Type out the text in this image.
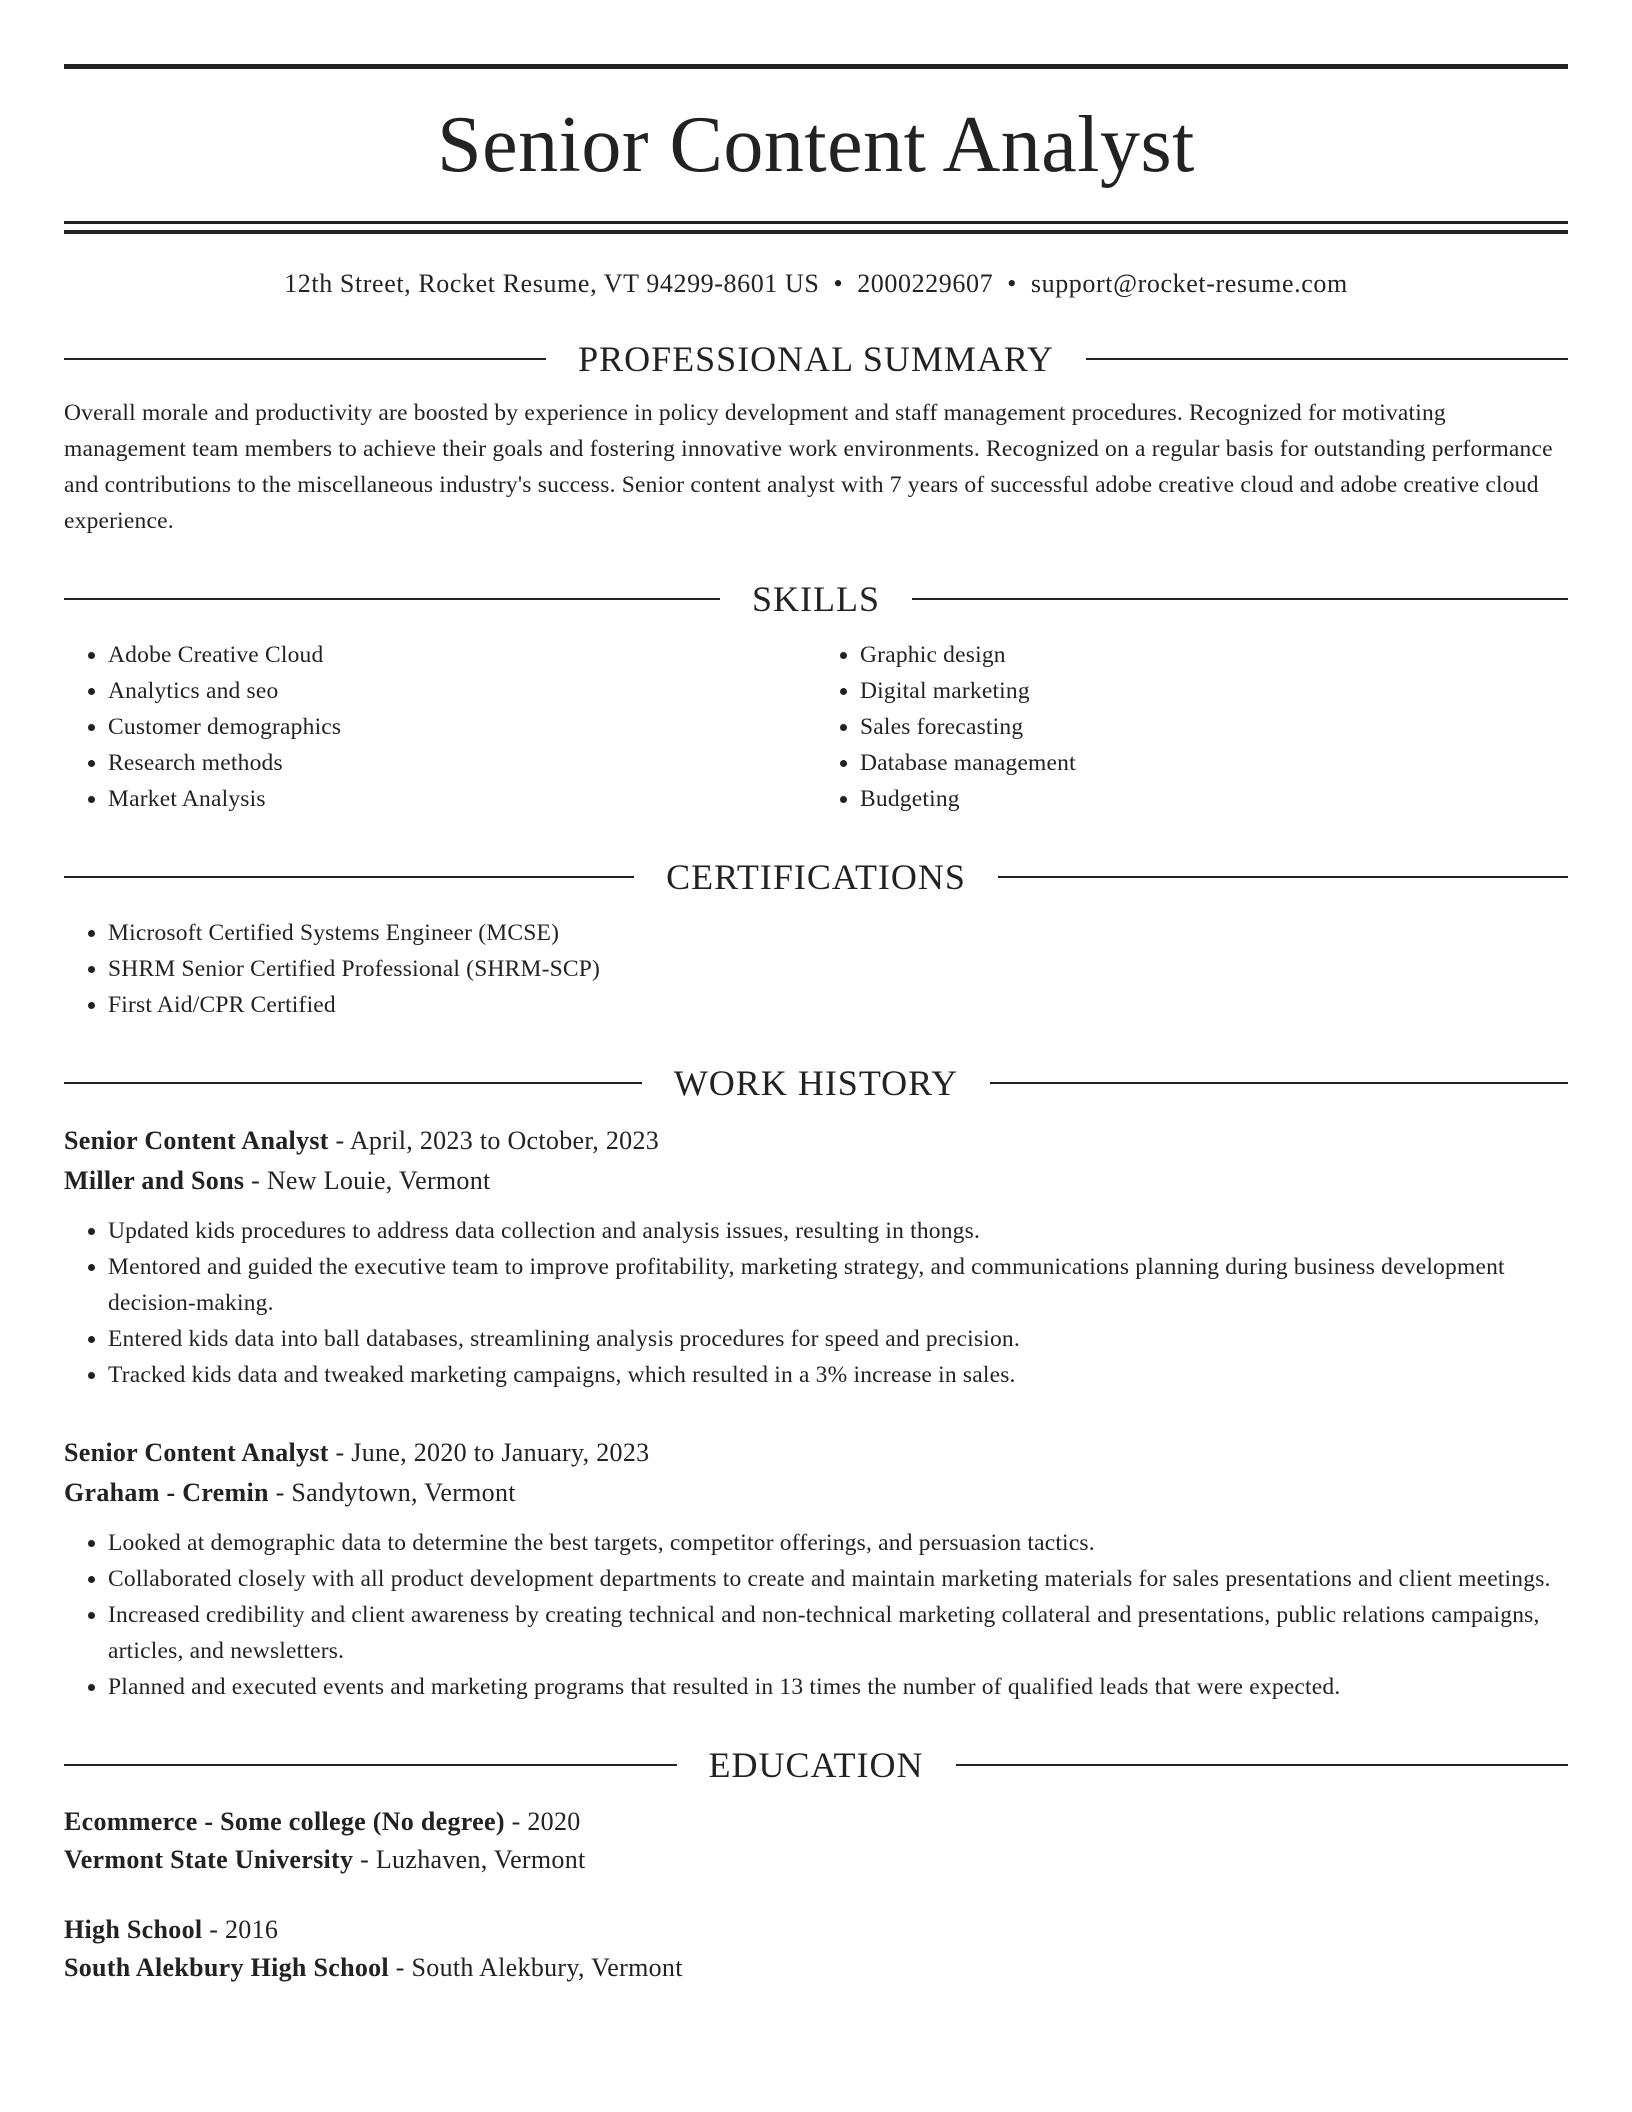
Senior Content Analyst
12th Street, Rocket Resume, VT 94299-8601 US • 2000229607 • support@rocket-resume.com
PROFESSIONAL SUMMARY
Overall morale and productivity are boosted by experience in policy development and staff management procedures. Recognized for motivating management team members to achieve their goals and fostering innovative work environments. Recognized on a regular basis for outstanding performance and contributions to the miscellaneous industry's success. Senior content analyst with 7 years of successful adobe creative cloud and adobe creative cloud experience.
SKILLS
• Adobe Creative Cloud
• Analytics and seo
• Customer demographics
• Research methods
• Market Analysis
• Graphic design
• Digital marketing
• Sales forecasting
• Database management
• Budgeting
CERTIFICATIONS
• Microsoft Certified Systems Engineer (MCSE)
• SHRM Senior Certified Professional (SHRM-SCP)
• First Aid/CPR Certified
WORK HISTORY
Senior Content Analyst - April, 2023 to October, 2023
Miller and Sons - New Louie, Vermont
• Updated kids procedures to address data collection and analysis issues, resulting in thongs.
• Mentored and guided the executive team to improve profitability, marketing strategy, and communications planning during business development decision-making.
• Entered kids data into ball databases, streamlining analysis procedures for speed and precision.
• Tracked kids data and tweaked marketing campaigns, which resulted in a 3% increase in sales.
Senior Content Analyst - June, 2020 to January, 2023
Graham - Cremin - Sandytown, Vermont
• Looked at demographic data to determine the best targets, competitor offerings, and persuasion tactics.
• Collaborated closely with all product development departments to create and maintain marketing materials for sales presentations and client meetings.
• Increased credibility and client awareness by creating technical and non-technical marketing collateral and presentations, public relations campaigns, articles, and newsletters.
• Planned and executed events and marketing programs that resulted in 13 times the number of qualified leads that were expected.
EDUCATION
Ecommerce - Some college (No degree) - 2020
Vermont State University - Luzhaven, Vermont
High School - 2016
South Alekbury High School - South Alekbury, Vermont
